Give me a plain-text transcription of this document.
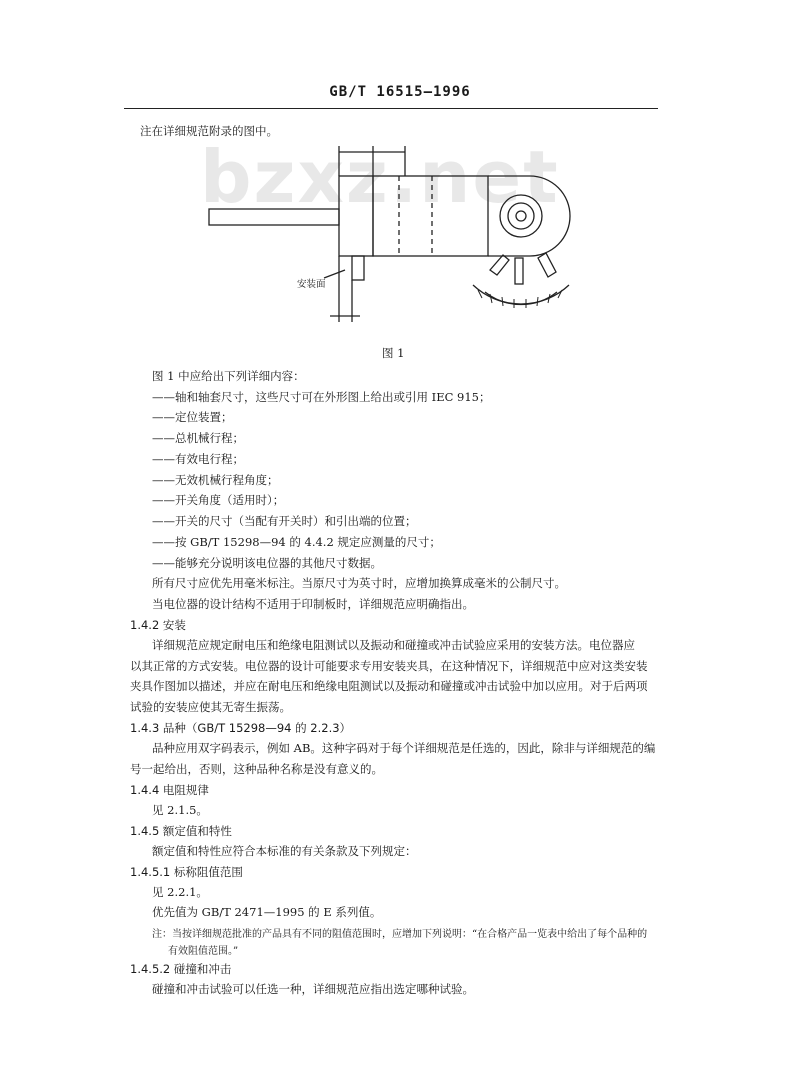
GB/T 16515—1996
bzxz.net
注在详细规范附录的图中。
安装面
图 1
图 1 中应给出下列详细内容：
——轴和轴套尺寸，这些尺寸可在外形图上给出或引用 IEC 915；
——定位装置；
——总机械行程；
——有效电行程；
——无效机械行程角度；
——开关角度（适用时）；
——开关的尺寸（当配有开关时）和引出端的位置；
——按 GB/T 15298—94 的 4.4.2 规定应测量的尺寸；
——能够充分说明该电位器的其他尺寸数据。
所有尺寸应优先用毫米标注。当原尺寸为英寸时，应增加换算成毫米的公制尺寸。
当电位器的设计结构不适用于印制板时，详细规范应明确指出。
1.4.2 安装
详细规范应规定耐电压和绝缘电阻测试以及振动和碰撞或冲击试验应采用的安装方法。电位器应
以其正常的方式安装。电位器的设计可能要求专用安装夹具，在这种情况下，详细规范中应对这类安装
夹具作图加以描述，并应在耐电压和绝缘电阻测试以及振动和碰撞或冲击试验中加以应用。对于后两项
试验的安装应使其无寄生振荡。
1.4.3 品种（GB/T 15298—94 的 2.2.3）
品种应用双字码表示，例如 AB。这种字码对于每个详细规范是任选的，因此，除非与详细规范的编
号一起给出，否则，这种品种名称是没有意义的。
1.4.4 电阻规律
见 2.1.5。
1.4.5 额定值和特性
额定值和特性应符合本标准的有关条款及下列规定：
1.4.5.1 标称阻值范围
见 2.2.1。
优先值为 GB/T 2471—1995 的 E 系列值。
注：当按详细规范批准的产品具有不同的阻值范围时，应增加下列说明：“在合格产品一览表中给出了每个品种的
有效阻值范围。”
1.4.5.2 碰撞和冲击
碰撞和冲击试验可以任选一种，详细规范应指出选定哪种试验。
